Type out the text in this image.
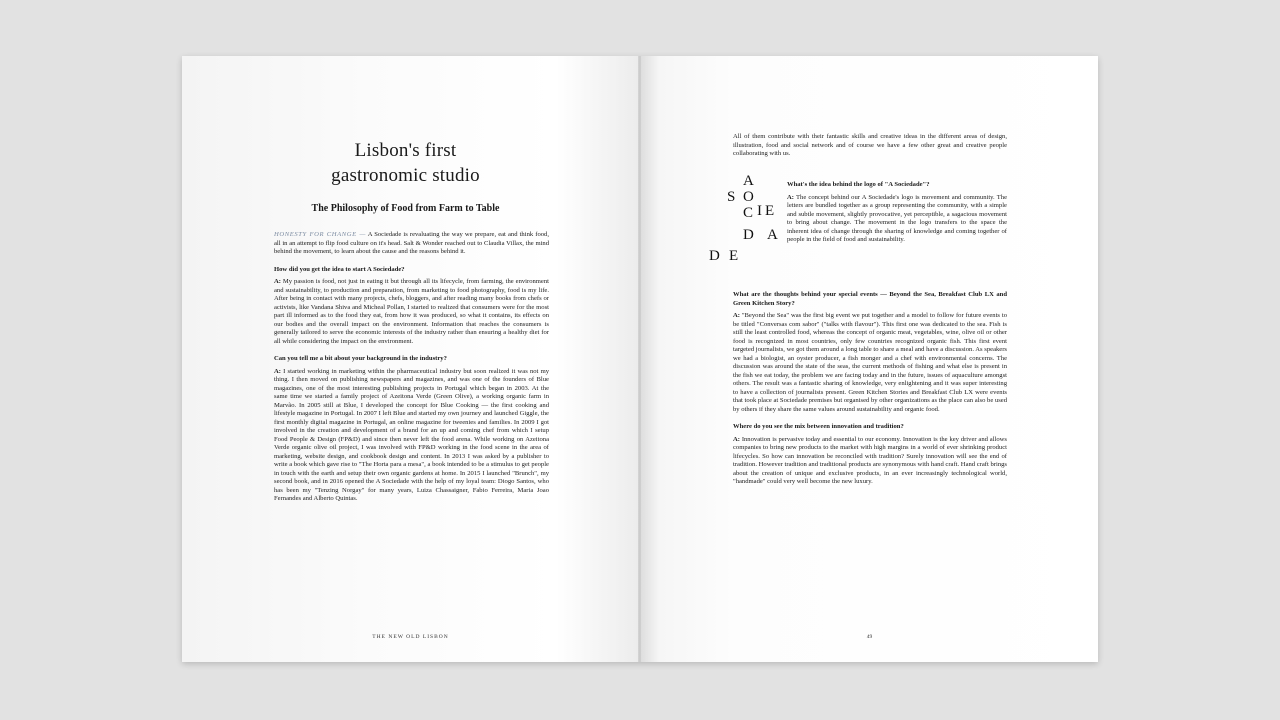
Lisbon's first
gastronomic studio
The Philosophy of Food from Farm to Table

HONESTY FOR CHANGE — A Sociedade is revaluating the way we prepare, eat and think food, all in an attempt to flip food culture on it's head. Salt & Wonder reached out to Claudia Villax, the mind behind the movement, to learn about the cause and the reasons behind it.

How did you get the idea to start A Sociedade?

A: My passion is food, not just in eating it but through all its lifecycle, from farming, the environment and sustainability, to production and preparation, from marketing to food photography, food is my life. After being in contact with many projects, chefs, bloggers, and after reading many books from chefs or activists, like Vandana Shiva and Micheal Pollan, I started to realized that consumers were for the most part ill informed as to the food they eat, from how it was produced, so what it contains, its effects on our bodies and the overall impact on the environment. Information that reaches the consumers is generally tailored to serve the economic interests of the industry rather than ensuring a healthy diet for all while considering the impact on the environment.

Can you tell me a bit about your background in the industry?

A: I started working in marketing within the pharmaceutical industry but soon realized it was not my thing. I then moved on publishing newspapers and magazines, and was one of the founders of Blue magazines, one of the most interesting publishing projects in Portugal which began in 2003. At the same time we started a family project of Azeitona Verde (Green Olive), a working organic farm in Marvão. In 2005 still at Blue, I developed the concept for Blue Cooking — the first cooking and lifestyle magazine in Portugal. In 2007 I left Blue and started my own journey and launched Giggle, the first monthly digital magazine in Portugal, an online magazine for tweenies and families. In 2009 I got involved in the creation and development of a brand for an up and coming chef from which I setup Food People & Design (FP&D) and since then never left the food arena. While working on Azeitona Verde organic olive oil project, I was involved with FP&D working in the food scene in the area of marketing, website design, and cookbook design and content. In 2013 I was asked by a publisher to write a book which gave rise to "The Horta para a mesa", a book intended to be a stimulus to get people in touch with the earth and setup their own organic gardens at home. In 2015 I launched "Brunch", my second book, and in 2016 opened the A Sociedade with the help of my loyal team: Diogo Santos, who has been my "Tenzing Norgay" for many years, Luiza Chassaigner, Fabio Ferreira, Maria Joao Fernandes and Alberto Quintas.

THE NEW OLD LISBON

All of them contribute with their fantastic skills and creative ideas in the different areas of design, illustration, food and social network and of course we have a few other great and creative people collaborating with us.

A
S O
C I E
D A
D E

What's the idea behind the logo of "A Sociedade"?

A: The concept behind our A Sociedade's logo is movement and community. The letters are bundled together as a group representing the community, with a simple and subtle movement, slightly provocative, yet perceptible, a sagacious movement to bring about change. The movement in the logo transfers to the space the inherent idea of change through the sharing of knowledge and coming together of people in the field of food and sustainability.

What are the thoughts behind your special events — Beyond the Sea, Breakfast Club LX and Green Kitchen Story?

A: "Beyond the Sea" was the first big event we put together and a model to follow for future events to be titled "Conversas com sabor" ("talks with flavour"). This first one was dedicated to the sea. Fish is still the least controlled food, whereas the concept of organic meat, vegetables, wine, olive oil or other food is recognized in most countries, only few countries recognized organic fish. This first event targeted journalists, we got them around a long table to share a meal and have a discussion. As speakers we had a biologist, an oyster producer, a fish monger and a chef with environmental concerns. The discussion was around the state of the seas, the current methods of fishing and what else is present in the fish we eat today, the problem we are facing today and in the future, issues of aquaculture amongst others. The result was a fantastic sharing of knowledge, very enlightening and it was super interesting to have a collection of journalists present. Green Kitchen Stories and Breakfast Club LX were events that took place at Sociedade premises but organised by other organizations as the place can also be used by others if they share the same values around sustainability and organic food.

Where do you see the mix between innovation and tradition?

A: Innovation is pervasive today and essential to our economy. Innovation is the key driver and allows companies to bring new products to the market with high margins in a world of ever shrinking product lifecycles. So how can innovation be reconciled with tradition? Surely innovation will see the end of tradition. However tradition and traditional products are synonymous with hand craft. Hand craft brings about the creation of unique and exclusive products, in an ever increasingly technological world, "handmade" could very well become the new luxury.

49
